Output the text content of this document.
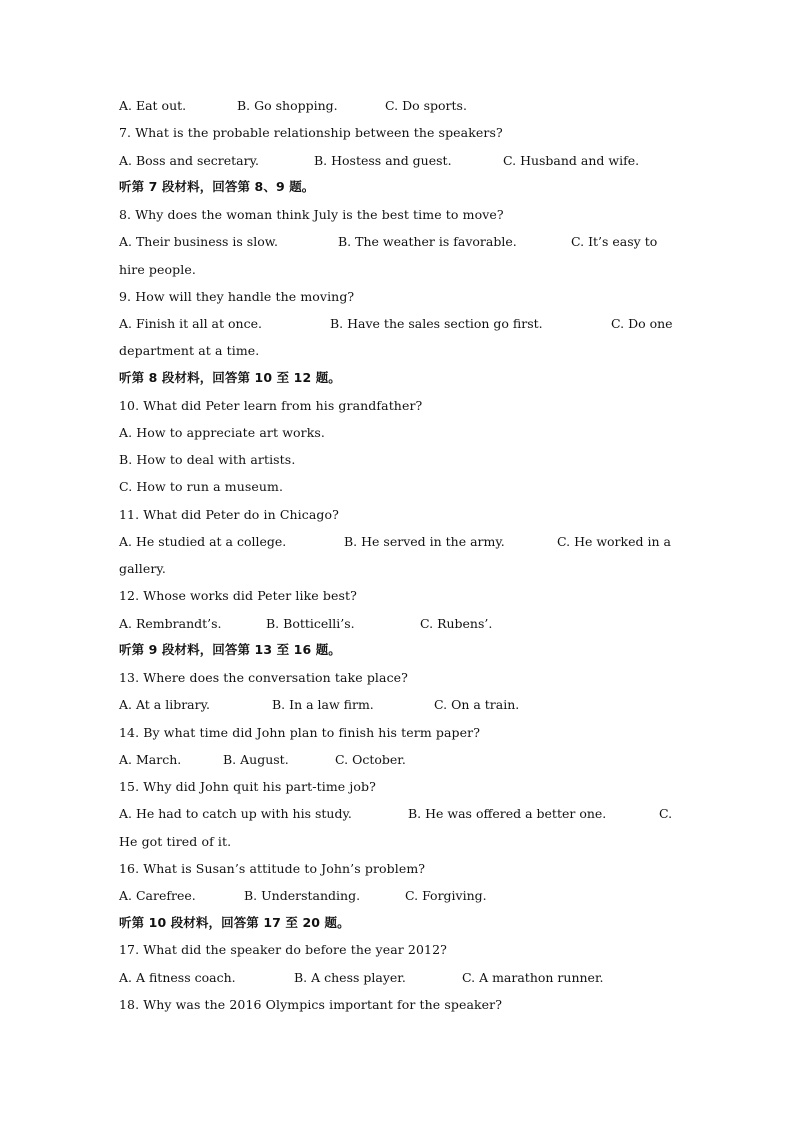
A. Eat out.	B. Go shopping.	C. Do sports.
7. What is the probable relationship between the speakers?
A. Boss and secretary.	B. Hostess and guest.	C. Husband and wife.
听第 7 段材料，回答第 8、9 题。
8. Why does the woman think July is the best time to move?
A. Their business is slow.	B. The weather is favorable.	C. It’s easy to
hire people.
9. How will they handle the moving?
A. Finish it all at once.	B. Have the sales section go first.	C. Do one
department at a time.
听第 8 段材料，回答第 10 至 12 题。
10. What did Peter learn from his grandfather?
A. How to appreciate art works.
B. How to deal with artists.
C. How to run a museum.
11. What did Peter do in Chicago?
A. He studied at a college.	B. He served in the army.	C. He worked in a
gallery.
12. Whose works did Peter like best?
A. Rembrandt’s.	B. Botticelli’s.	C. Rubens’.
听第 9 段材料，回答第 13 至 16 题。
13. Where does the conversation take place?
A. At a library.	B. In a law firm.	C. On a train.
14. By what time did John plan to finish his term paper?
A. March.	B. August.	C. October.
15. Why did John quit his part-time job?
A. He had to catch up with his study.	B. He was offered a better one.	C.
He got tired of it.
16. What is Susan’s attitude to John’s problem?
A. Carefree.	B. Understanding.	C. Forgiving.
听第 10 段材料，回答第 17 至 20 题。
17. What did the speaker do before the year 2012?
A. A fitness coach.	B. A chess player.	C. A marathon runner.
18. Why was the 2016 Olympics important for the speaker?
